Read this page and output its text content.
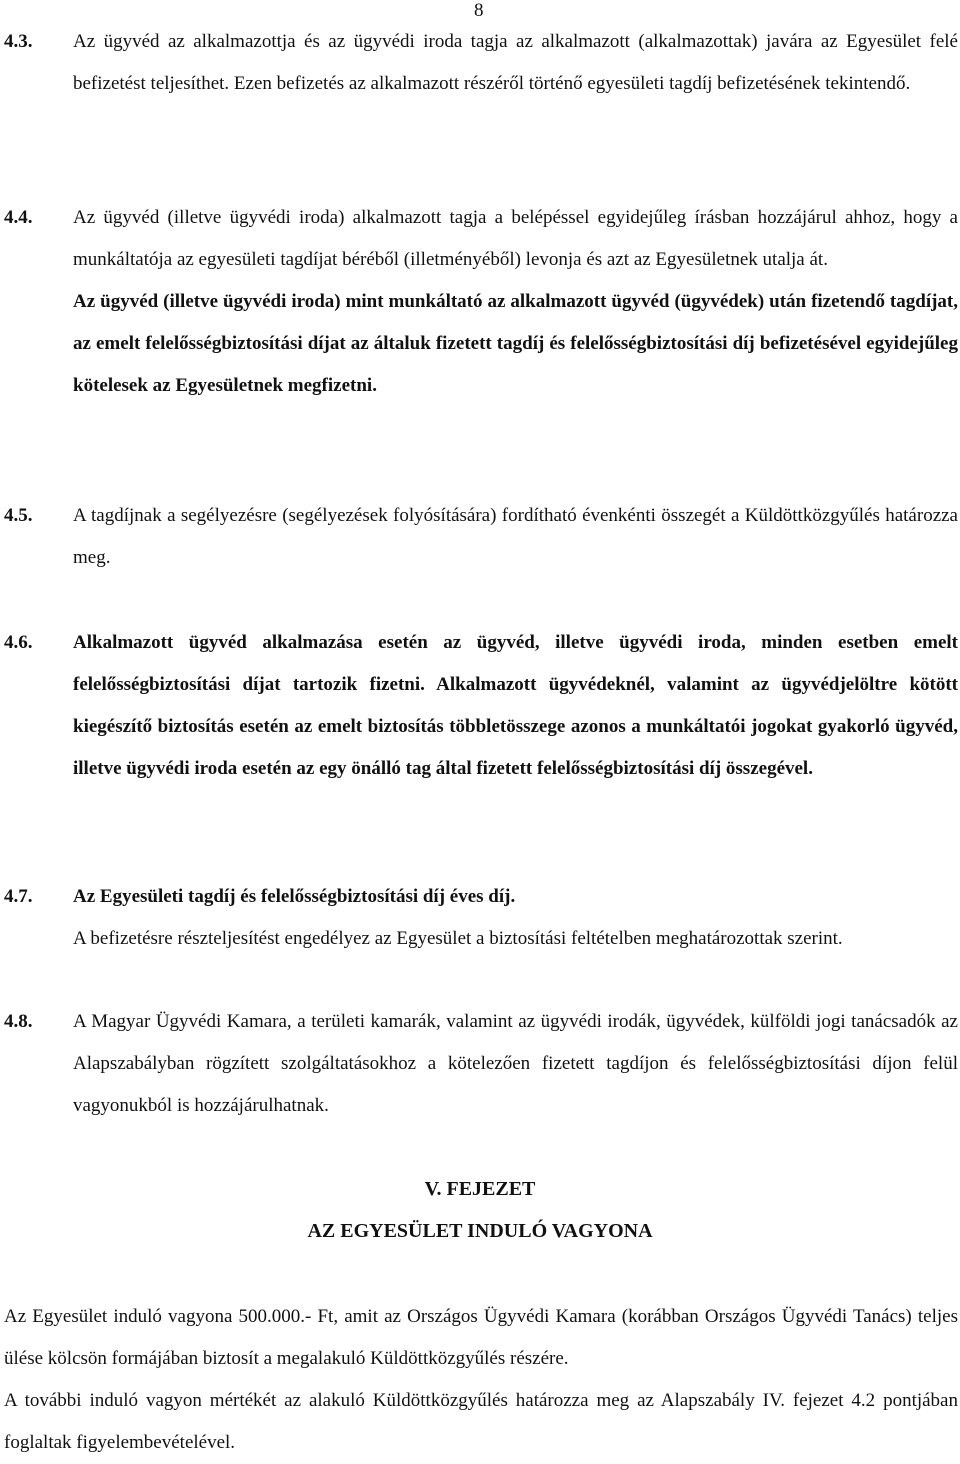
8
4.3. Az ügyvéd az alkalmazottja és az ügyvédi iroda tagja az alkalmazott (alkalmazottak) javára az Egyesület felé befizetést teljesíthet. Ezen befizetés az alkalmazott részéről történő egyesületi tagdíj befizetésének tekintendő.

4.4. Az ügyvéd (illetve ügyvédi iroda) alkalmazott tagja a belépéssel egyidejűleg írásban hozzájárul ahhoz, hogy a munkáltatója az egyesületi tagdíjat béréből (illetményéből) levonja és azt az Egyesületnek utalja át.

Az ügyvéd (illetve ügyvédi iroda) mint munkáltató az alkalmazott ügyvéd (ügyvédek) után fizetendő tagdíjat, az emelt felelősségbiztosítási díjat az általuk fizetett tagdíj és felelősségbiztosítási díj befizetésével egyidejűleg kötelesek az Egyesületnek megfizetni.

4.5. A tagdíjnak a segélyezésre (segélyezések folyósítására) fordítható évenkénti összegét a Küldöttközgyűlés határozza meg.

4.6. Alkalmazott ügyvéd alkalmazása esetén az ügyvéd, illetve ügyvédi iroda, minden esetben emelt felelősségbiztosítási díjat tartozik fizetni. Alkalmazott ügyvédeknél, valamint az ügyvédjelöltre kötött kiegészítő biztosítás esetén az emelt biztosítás többletösszege azonos a munkáltatói jogokat gyakorló ügyvéd, illetve ügyvédi iroda esetén az egy önálló tag által fizetett felelősségbiztosítási díj összegével.

4.7. Az Egyesületi tagdíj és felelősségbiztosítási díj éves díj.

A befizetésre részteljesítést engedélyez az Egyesület a biztosítási feltételben meghatározottak szerint.

4.8. A Magyar Ügyvédi Kamara, a területi kamarák, valamint az ügyvédi irodák, ügyvédek, külföldi jogi tanácsadók az Alapszabályban rögzített szolgáltatásokhoz a kötelezően fizetett tagdíjon és felelősségbiztosítási díjon felül vagyonukból is hozzájárulhatnak.

V. FEJEZET
AZ EGYESÜLET INDULÓ VAGYONA

Az Egyesület induló vagyona 500.000.- Ft, amit az Országos Ügyvédi Kamara (korábban Országos Ügyvédi Tanács) teljes ülése kölcsön formájában biztosít a megalakuló Küldöttközgyűlés részére.

A további induló vagyon mértékét az alakuló Küldöttközgyűlés határozza meg az Alapszabály IV. fejezet 4.2 pontjában foglaltak figyelembevételével.
